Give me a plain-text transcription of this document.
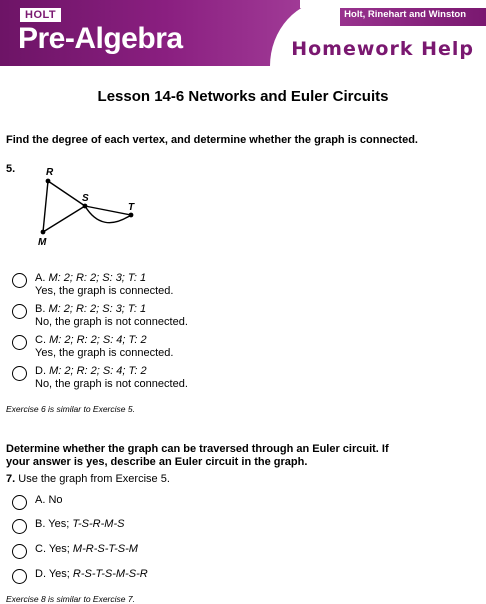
HOLT
Pre-Algebra
Holt, Rinehart and Winston
Homework Help
Lesson 14-6 Networks and Euler Circuits
Find the degree of each vertex, and determine whether the graph is connected.
5.	R
M
S
T
A. M: 2; R: 2; S: 3; T: 1
Yes, the graph is connected.
B. M: 2; R: 2; S: 3; T: 1
No, the graph is not connected.
C. M: 2; R: 2; S: 4; T: 2
Yes, the graph is connected.
D. M: 2; R: 2; S: 4; T: 2
No, the graph is not connected.
Exercise 6 is similar to Exercise 5.
Determine whether the graph can be traversed through an Euler circuit. If your answer is yes, describe an Euler circuit in the graph.
7. Use the graph from Exercise 5.
A. No
B. Yes; T-S-R-M-S
C. Yes; M-R-S-T-S-M
D. Yes; R-S-T-S-M-S-R
Exercise 8 is similar to Exercise 7.
